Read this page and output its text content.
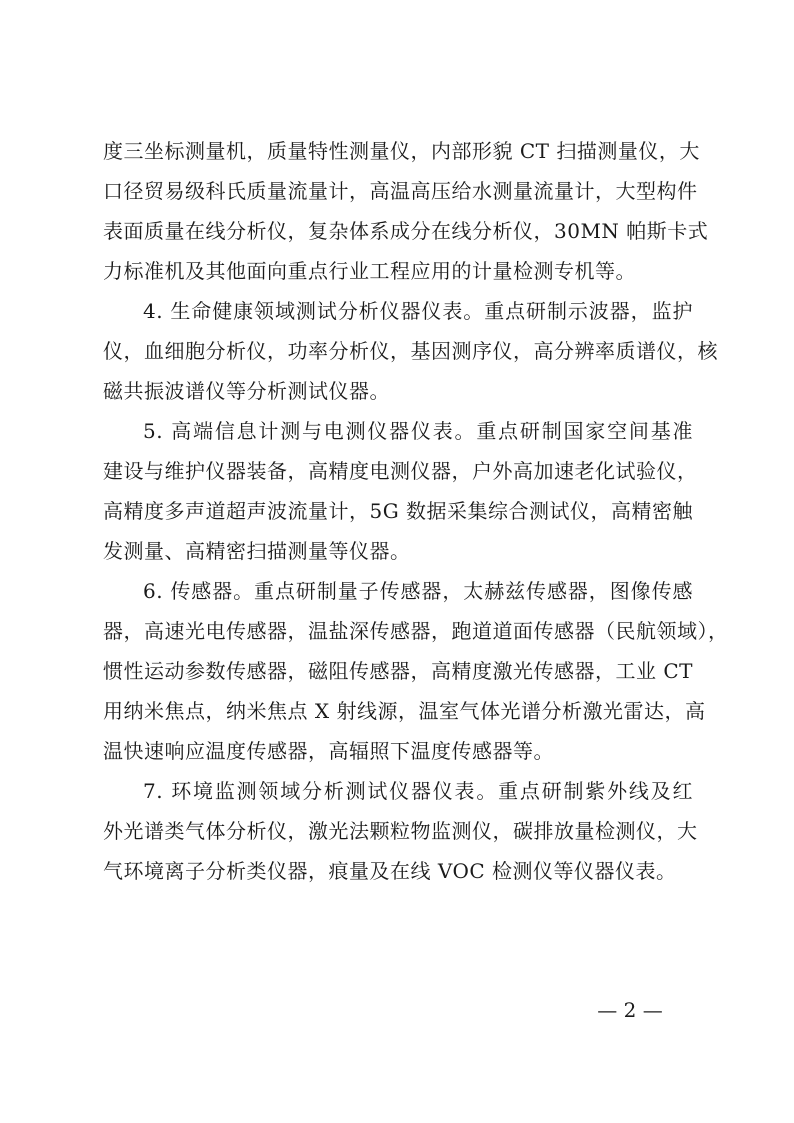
度三坐标测量机，质量特性测量仪，内部形貌 CT 扫描测量仪，大
口径贸易级科氏质量流量计，高温高压给水测量流量计，大型构件
表面质量在线分析仪，复杂体系成分在线分析仪，30MN 帕斯卡式
力标准机及其他面向重点行业工程应用的计量检测专机等。
4. 生命健康领域测试分析仪器仪表。重点研制示波器，监护
仪，血细胞分析仪，功率分析仪，基因测序仪，高分辨率质谱仪，核
磁共振波谱仪等分析测试仪器。
5. 高端信息计测与电测仪器仪表。重点研制国家空间基准
建设与维护仪器装备，高精度电测仪器，户外高加速老化试验仪，
高精度多声道超声波流量计，5G 数据采集综合测试仪，高精密触
发测量、高精密扫描测量等仪器。
6. 传感器。重点研制量子传感器，太赫兹传感器，图像传感
器，高速光电传感器，温盐深传感器，跑道道面传感器（民航领域），
惯性运动参数传感器，磁阻传感器，高精度激光传感器，工业 CT
用纳米焦点，纳米焦点 X 射线源，温室气体光谱分析激光雷达，高
温快速响应温度传感器，高辐照下温度传感器等。
7. 环境监测领域分析测试仪器仪表。重点研制紫外线及红
外光谱类气体分析仪，激光法颗粒物监测仪，碳排放量检测仪，大
气环境离子分析类仪器，痕量及在线 VOC 检测仪等仪器仪表。
— 2 —
